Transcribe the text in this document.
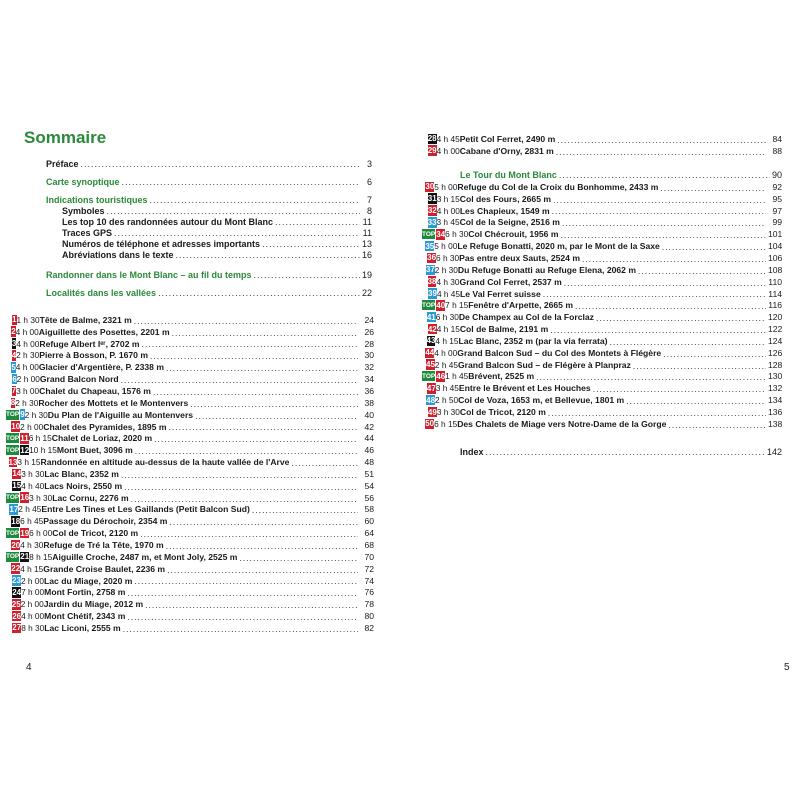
Sommaire
Préface .....	3
Carte synoptique .....	6
Indications touristiques .....	7
Symboles .....	8
Les top 10 des randonnées autour du Mont Blanc .....	11
Traces GPS .....	11
Numéros de téléphone et adresses importants .....	13
Abréviations dans le texte .....	16
Randonner dans le Mont Blanc – au fil du temps .....	19
Localités dans les vallées .....	22
1 1 h 30 Tête de Balme, 2321 m .....	24
2 4 h 00 Aiguillette des Posettes, 2201 m .....	26
3 4 h 00 Refuge Albert Iᵉʳ, 2702 m .....	28
4 2 h 30 Pierre à Bosson, P. 1670 m .....	30
5 4 h 00 Glacier d'Argentière, P. 2338 m .....	32
6 2 h 00 Grand Balcon Nord .....	34
7 3 h 00 Chalet du Chapeau, 1576 m .....	36
8 2 h 30 Rocher des Mottets et le Montenvers .....	38
TOP 9 2 h 30 Du Plan de l'Aiguille au Montenvers .....	40
10 2 h 00 Chalet des Pyramides, 1895 m .....	42
TOP 11 6 h 15 Chalet de Loriaz, 2020 m .....	44
TOP 12 10 h 15 Mont Buet, 3096 m .....	46
13 3 h 15 Randonnée en altitude au-dessus de la haute vallée de l'Arve .....	48
14 3 h 30 Lac Blanc, 2352 m .....	51
15 4 h 40 Lacs Noirs, 2550 m .....	54
TOP 16 3 h 30 Lac Cornu, 2276 m .....	56
17 2 h 45 Entre Les Tines et Les Gaillands (Petit Balcon Sud) .....	58
18 6 h 45 Passage du Dérochoir, 2354 m .....	60
TOP 19 6 h 00 Col de Tricot, 2120 m .....	64
20 4 h 30 Refuge de Tré la Tête, 1970 m .....	68
TOP 21 8 h 15 Aiguille Croche, 2487 m, et Mont Joly, 2525 m .....	70
22 4 h 15 Grande Croise Baulet, 2236 m .....	72
23 2 h 00 Lac du Miage, 2020 m .....	74
24 7 h 00 Mont Fortin, 2758 m .....	76
25 2 h 00 Jardin du Miage, 2012 m .....	78
26 4 h 00 Mont Chétif, 2343 m .....	80
27 8 h 30 Lac Liconi, 2555 m .....	82
4
28 4 h 45 Petit Col Ferret, 2490 m .....	84
29 4 h 00 Cabane d'Orny, 2831 m .....	88
Le Tour du Mont Blanc .....	90
30 5 h 00 Refuge du Col de la Croix du Bonhomme, 2433 m .....	92
31 3 h 15 Col des Fours, 2665 m .....	95
32 4 h 00 Les Chapieux, 1549 m .....	97
33 3 h 45 Col de la Seigne, 2516 m .....	99
TOP 34 6 h 30 Col Chécrouit, 1956 m .....	101
35 5 h 00 Le Refuge Bonatti, 2020 m, par le Mont de la Saxe .....	104
36 6 h 30 Pas entre deux Sauts, 2524 m .....	106
37 2 h 30 Du Refuge Bonatti au Refuge Elena, 2062 m .....	108
38 4 h 30 Grand Col Ferret, 2537 m .....	110
39 4 h 45 Le Val Ferret suisse .....	114
TOP 40 7 h 15 Fenêtre d'Arpette, 2665 m .....	116
41 6 h 30 De Champex au Col de la Forclaz .....	120
42 4 h 15 Col de Balme, 2191 m .....	122
43 4 h 15 Lac Blanc, 2352 m (par la via ferrata) .....	124
44 4 h 00 Grand Balcon Sud – du Col des Montets à Flégère .....	126
45 2 h 45 Grand Balcon Sud – de Flégère à Planpraz .....	128
TOP 46 1 h 45 Brévent, 2525 m .....	130
47 3 h 45 Entre le Brévent et Les Houches .....	132
48 2 h 50 Col de Voza, 1653 m, et Bellevue, 1801 m .....	134
49 3 h 30 Col de Tricot, 2120 m .....	136
50 6 h 15 Des Chalets de Miage vers Notre-Dame de la Gorge .....	138
Index .....	142
5
